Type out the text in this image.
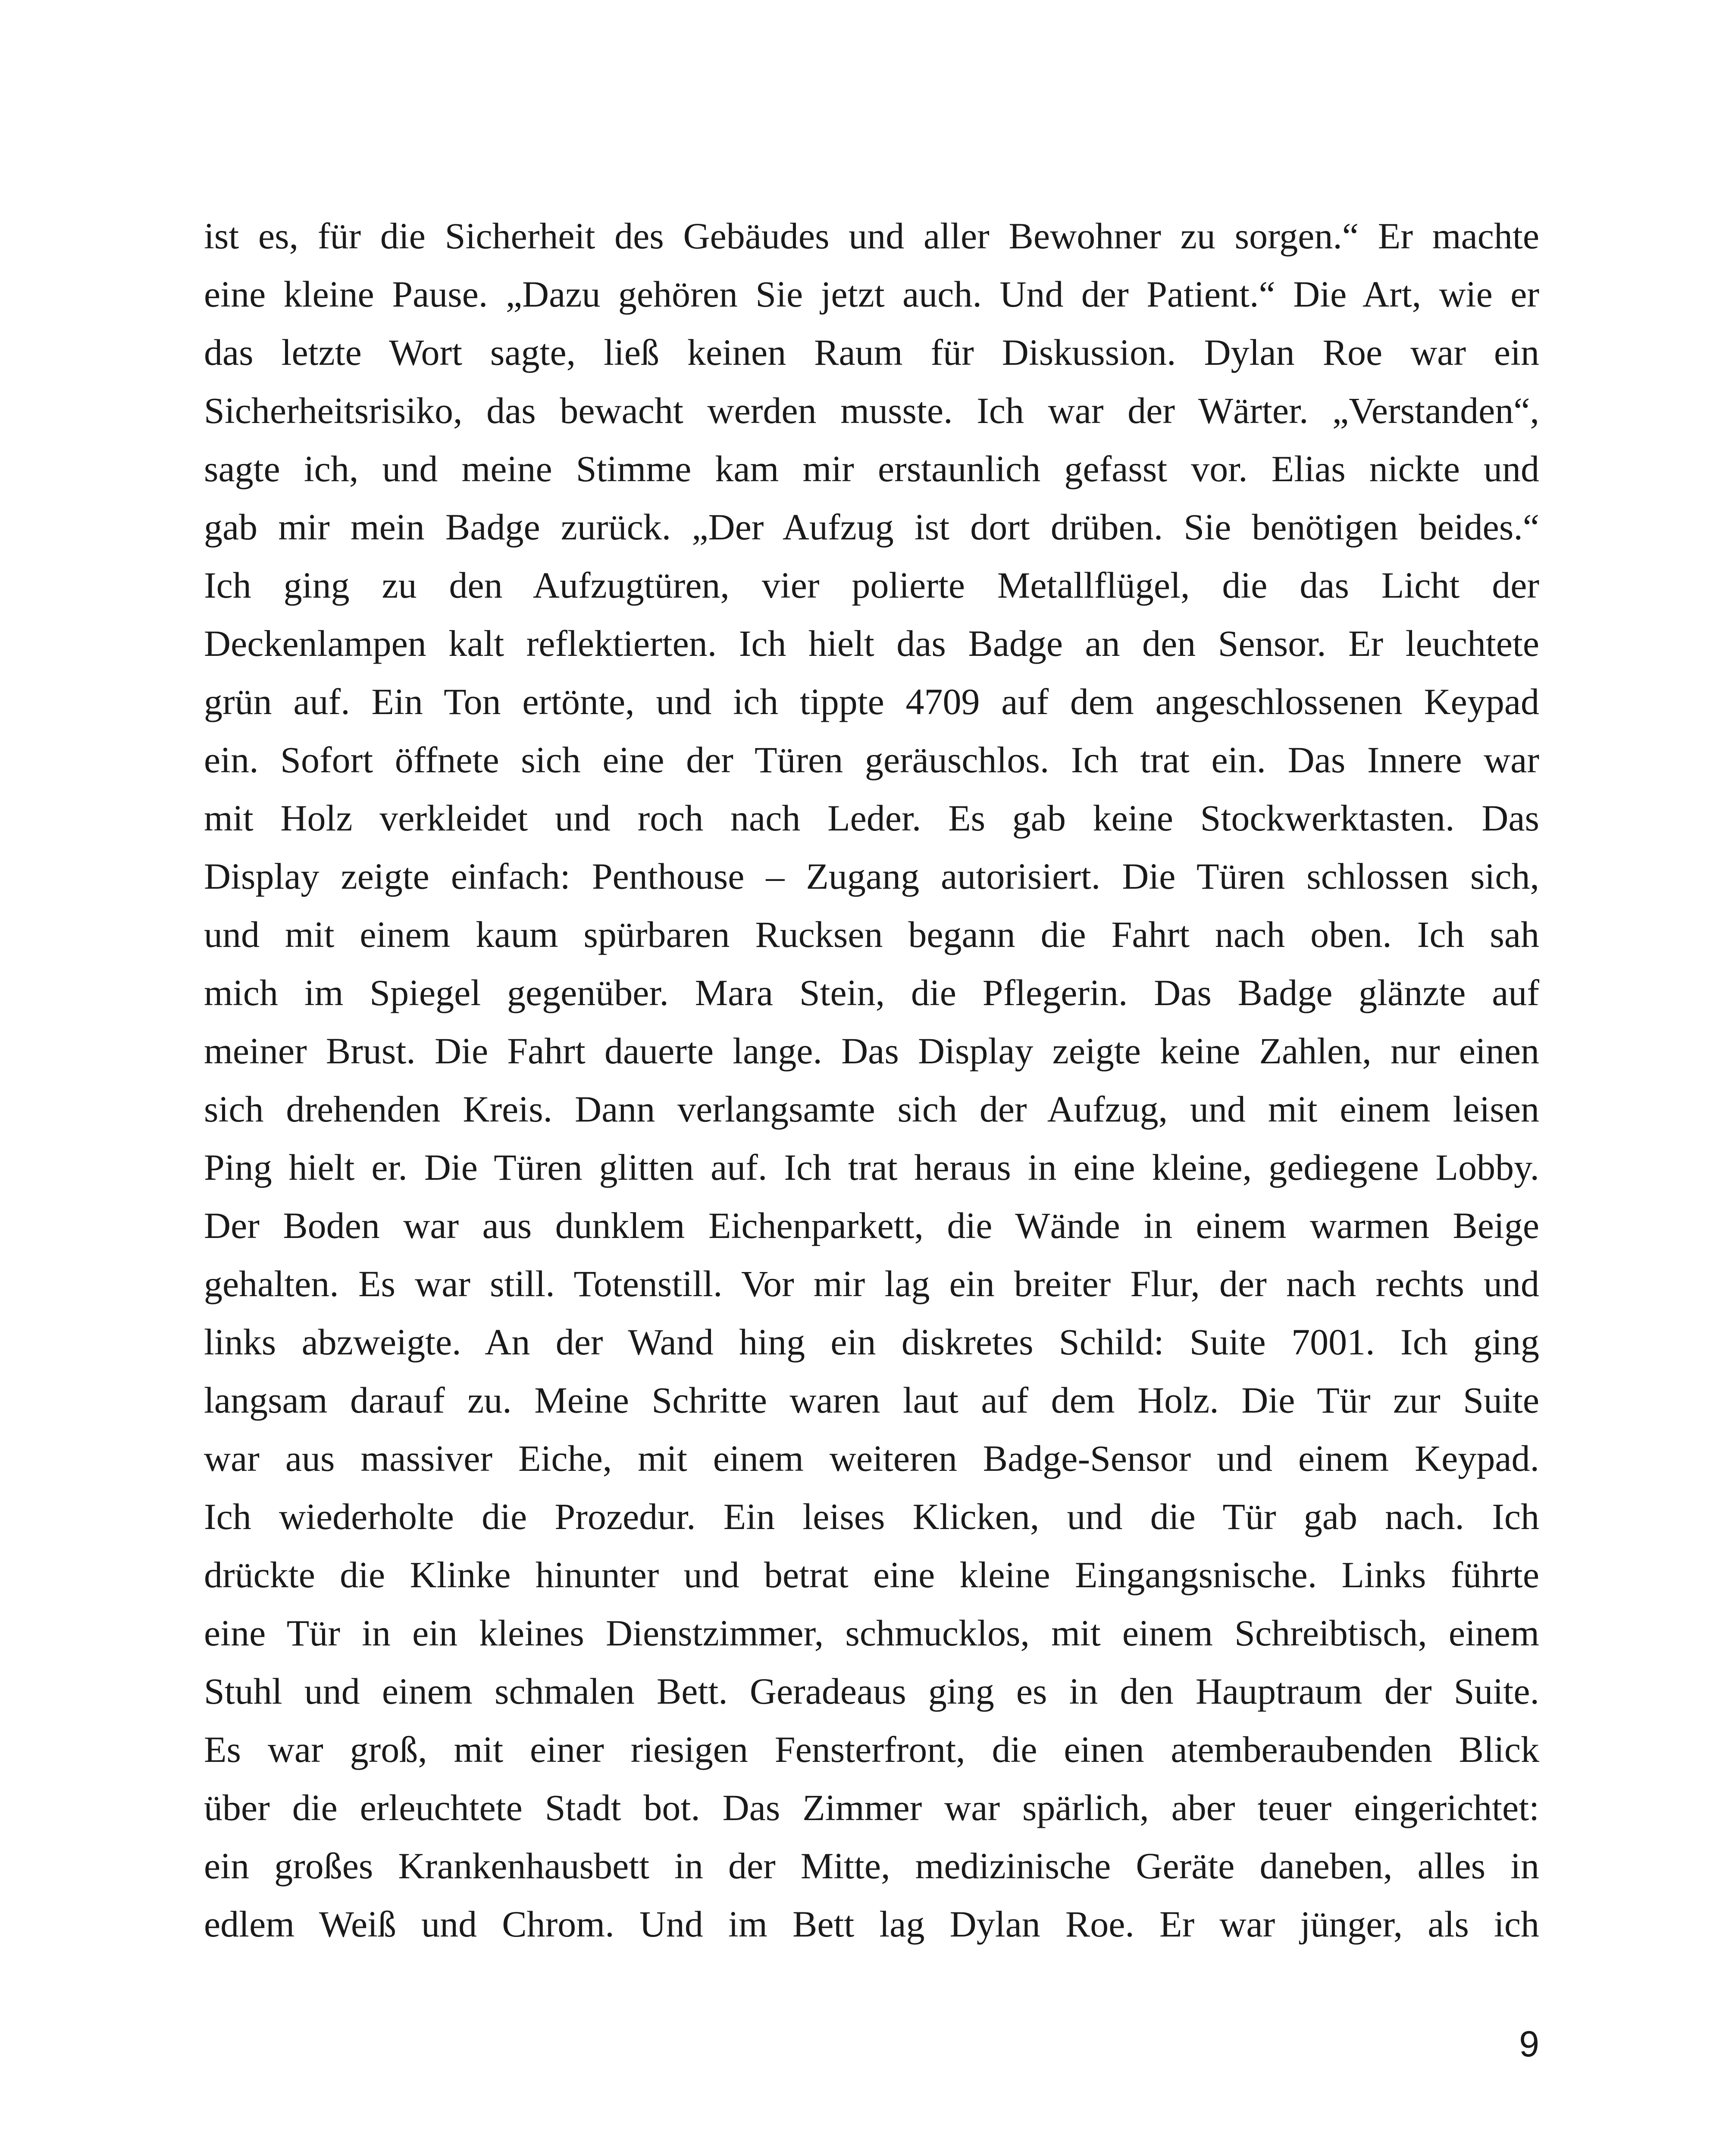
ist es, für die Sicherheit des Gebäudes und aller Bewohner zu sorgen.“ Er machte
eine kleine Pause. „Dazu gehören Sie jetzt auch. Und der Patient.“ Die Art, wie er
das letzte Wort sagte, ließ keinen Raum für Diskussion. Dylan Roe war ein
Sicherheitsrisiko, das bewacht werden musste. Ich war der Wärter. „Verstanden“,
sagte ich, und meine Stimme kam mir erstaunlich gefasst vor. Elias nickte und
gab mir mein Badge zurück. „Der Aufzug ist dort drüben. Sie benötigen beides.“
Ich ging zu den Aufzugtüren, vier polierte Metallflügel, die das Licht der
Deckenlampen kalt reflektierten. Ich hielt das Badge an den Sensor. Er leuchtete
grün auf. Ein Ton ertönte, und ich tippte 4709 auf dem angeschlossenen Keypad
ein. Sofort öffnete sich eine der Türen geräuschlos. Ich trat ein. Das Innere war
mit Holz verkleidet und roch nach Leder. Es gab keine Stockwerktasten. Das
Display zeigte einfach: Penthouse – Zugang autorisiert. Die Türen schlossen sich,
und mit einem kaum spürbaren Rucksen begann die Fahrt nach oben. Ich sah
mich im Spiegel gegenüber. Mara Stein, die Pflegerin. Das Badge glänzte auf
meiner Brust. Die Fahrt dauerte lange. Das Display zeigte keine Zahlen, nur einen
sich drehenden Kreis. Dann verlangsamte sich der Aufzug, und mit einem leisen
Ping hielt er. Die Türen glitten auf. Ich trat heraus in eine kleine, gediegene Lobby.
Der Boden war aus dunklem Eichenparkett, die Wände in einem warmen Beige
gehalten. Es war still. Totenstill. Vor mir lag ein breiter Flur, der nach rechts und
links abzweigte. An der Wand hing ein diskretes Schild: Suite 7001. Ich ging
langsam darauf zu. Meine Schritte waren laut auf dem Holz. Die Tür zur Suite
war aus massiver Eiche, mit einem weiteren Badge-Sensor und einem Keypad.
Ich wiederholte die Prozedur. Ein leises Klicken, und die Tür gab nach. Ich
drückte die Klinke hinunter und betrat eine kleine Eingangsnische. Links führte
eine Tür in ein kleines Dienstzimmer, schmucklos, mit einem Schreibtisch, einem
Stuhl und einem schmalen Bett. Geradeaus ging es in den Hauptraum der Suite.
Es war groß, mit einer riesigen Fensterfront, die einen atemberaubenden Blick
über die erleuchtete Stadt bot. Das Zimmer war spärlich, aber teuer eingerichtet:
ein großes Krankenhausbett in der Mitte, medizinische Geräte daneben, alles in
edlem Weiß und Chrom. Und im Bett lag Dylan Roe. Er war jünger, als ich
9
